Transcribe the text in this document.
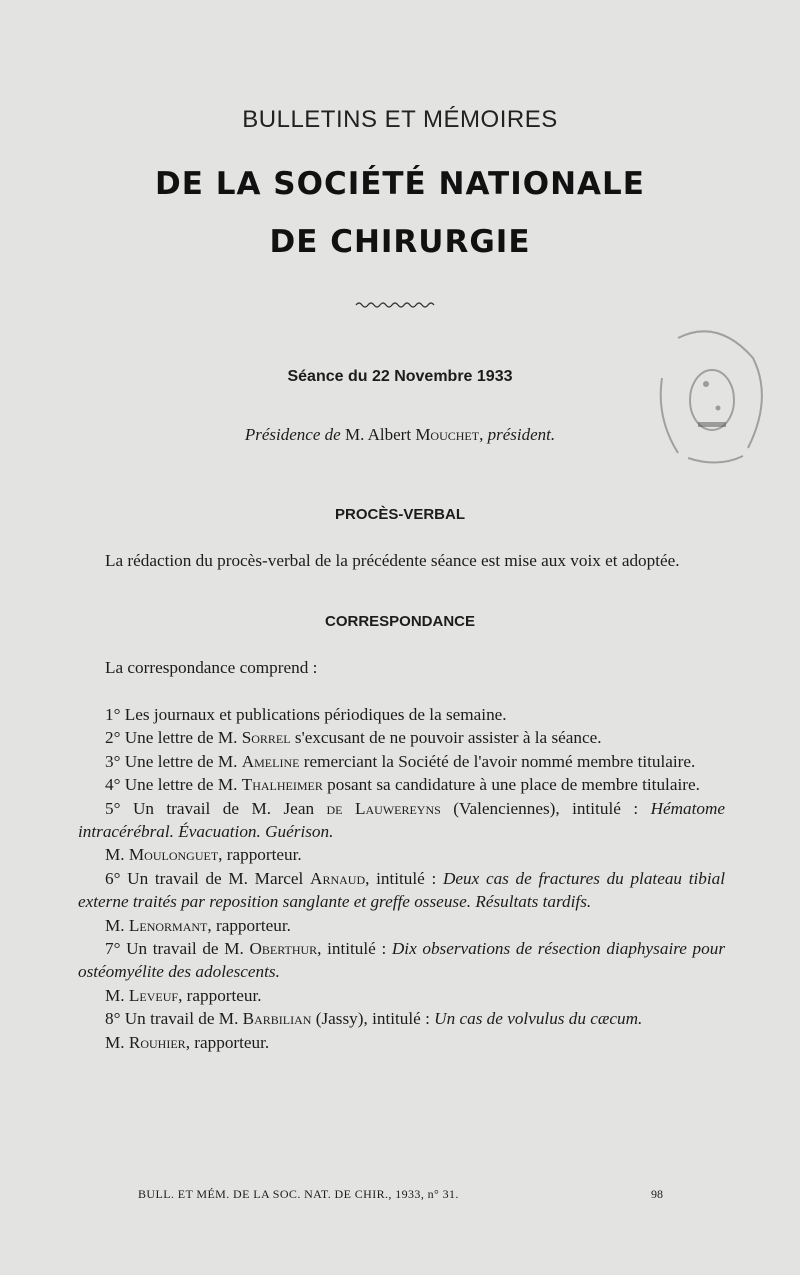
BULLETINS ET MÉMOIRES
DE LA SOCIÉTÉ NATIONALE
DE CHIRURGIE
Séance du 22 Novembre 1933
Présidence de M. Albert Mouchet, président.
PROCÈS-VERBAL

La rédaction du procès-verbal de la précédente séance est mise aux voix et adoptée.

CORRESPONDANCE

La correspondance comprend :

1° Les journaux et publications périodiques de la semaine.

2° Une lettre de M. Sorrel s'excusant de ne pouvoir assister à la séance.

3° Une lettre de M. Ameline remerciant la Société de l'avoir nommé membre titulaire.

4° Une lettre de M. Thalheimer posant sa candidature à une place de membre titulaire.

5° Un travail de M. Jean de Lauwereyns (Valenciennes), intitulé : Hématome intracérébral. Évacuation. Guérison.

M. Moulonguet, rapporteur.

6° Un travail de M. Marcel Arnaud, intitulé : Deux cas de fractures du plateau tibial externe traités par reposition sanglante et greffe osseuse. Résultats tardifs.

M. Lenormant, rapporteur.

7° Un travail de M. Oberthur, intitulé : Dix observations de résection diaphysaire pour ostéomyélite des adolescents.

M. Leveuf, rapporteur.

8° Un travail de M. Barbilian (Jassy), intitulé : Un cas de volvulus du cæcum.

M. Rouhier, rapporteur.

BULL. ET MÉM. DE LA SOC. NAT. DE CHIR., 1933, n° 31.	98
